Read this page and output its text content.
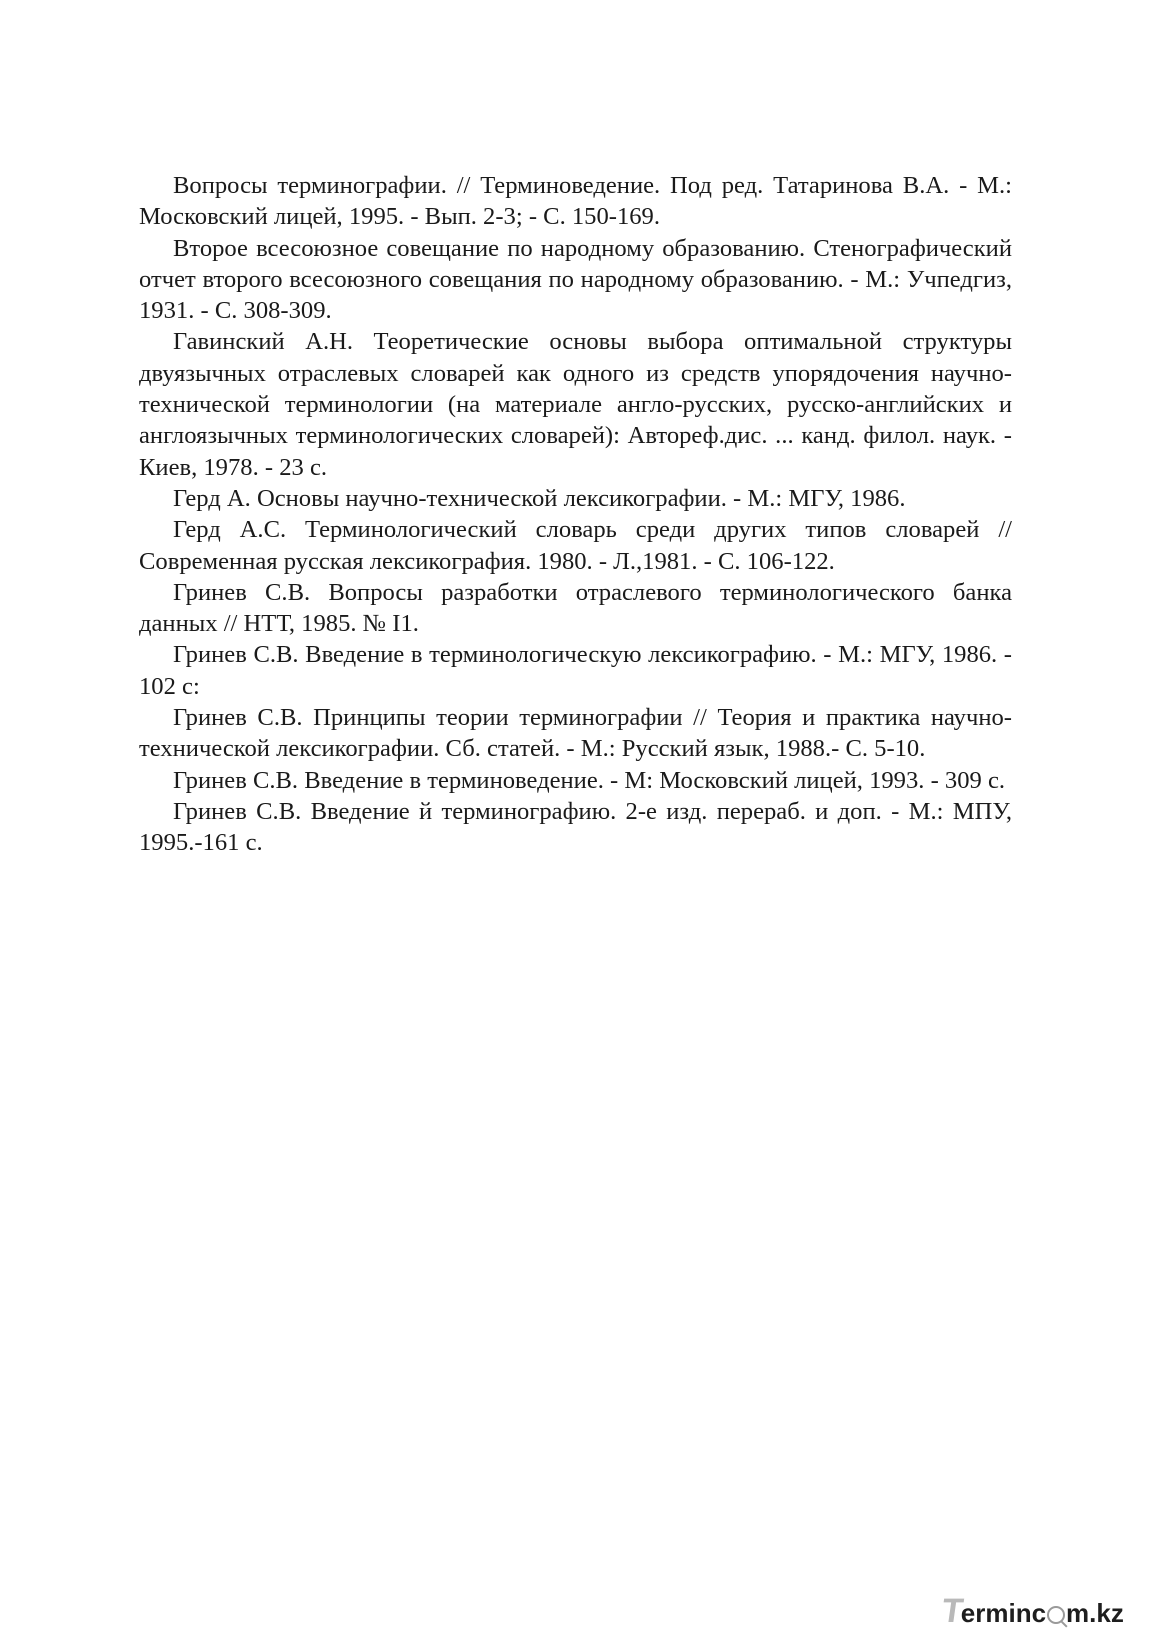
Вопросы терминографии. // Терминоведение. Под ред. Татаринова В.А. - М.: Московский лицей, 1995. - Вып. 2-3; - С. 150-169.

Второе всесоюзное совещание по народному образованию. Стенографический отчет второго всесоюзного совещания по народному образованию. - М.: Учпедгиз, 1931. - С. 308-309.

Гавинский А.Н. Теоретические основы выбора оптимальной структуры двуязычных отраслевых словарей как одного из средств упорядочения научно-технической терминологии (на материале англо-русских, русско-английских и англоязычных терминологических словарей): Автореф.дис. ... канд. филол. наук. - Киев, 1978. - 23 с.

Герд А. Основы научно-технической лексикографии. - М.: МГУ, 1986.

Герд А.С. Терминологический словарь среди других типов словарей // Современная русская лексикография. 1980. - Л.,1981. - С. 106-122.

Гринев С.В. Вопросы разработки отраслевого терминологического банка данных // НТТ, 1985. № I1.

Гринев С.В. Введение в терминологическую лексикографию. - М.: МГУ, 1986. - 102 с:

Гринев С.В. Принципы теории терминографии // Теория и практика научно-технической лексикографии. Сб. статей. - М.: Русский язык, 1988.- С. 5-10.

Гринев С.В. Введение в терминоведение. - М: Московский лицей, 1993. - 309 с.

Гринев С.В. Введение й терминографию. 2-е изд. перераб. и доп. - М.: МПУ, 1995.-161 с.

Terminc m.kz
